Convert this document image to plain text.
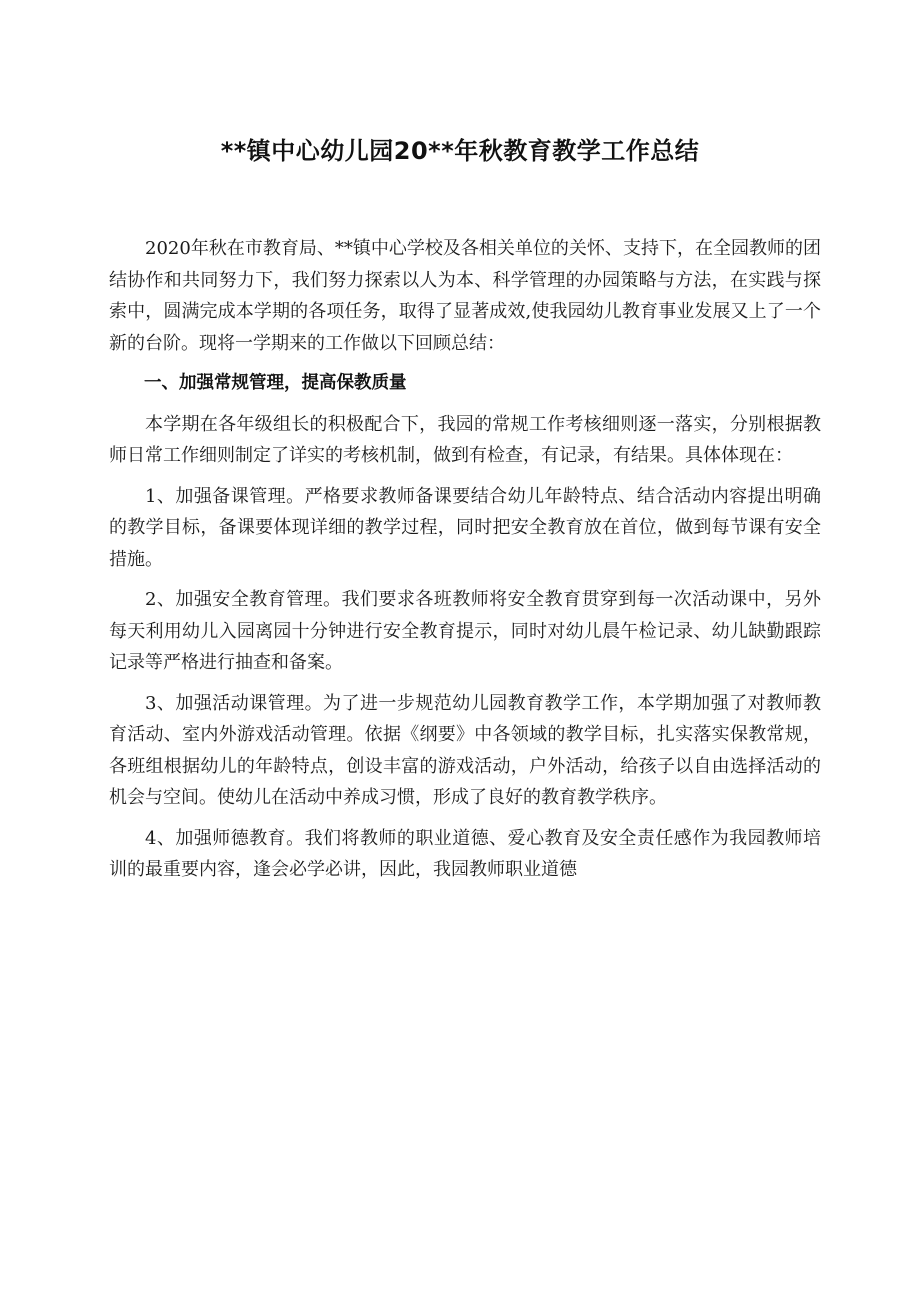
**镇中心幼儿园20**年秋教育教学工作总结

2020年秋在市教育局、**镇中心学校及各相关单位的关怀、支持下，在全园教师的团结协作和共同努力下，我们努力探索以人为本、科学管理的办园策略与方法，在实践与探索中，圆满完成本学期的各项任务，取得了显著成效,使我园幼儿教育事业发展又上了一个新的台阶。现将一学期来的工作做以下回顾总结：

一、加强常规管理，提高保教质量

本学期在各年级组长的积极配合下，我园的常规工作考核细则逐一落实，分别根据教师日常工作细则制定了详实的考核机制，做到有检查，有记录，有结果。具体体现在：

1、加强备课管理。严格要求教师备课要结合幼儿年龄特点、结合活动内容提出明确的教学目标，备课要体现详细的教学过程，同时把安全教育放在首位，做到每节课有安全措施。

2、加强安全教育管理。我们要求各班教师将安全教育贯穿到每一次活动课中，另外每天利用幼儿入园离园十分钟进行安全教育提示，同时对幼儿晨午检记录、幼儿缺勤跟踪记录等严格进行抽查和备案。

3、加强活动课管理。为了进一步规范幼儿园教育教学工作，本学期加强了对教师教育活动、室内外游戏活动管理。依据《纲要》中各领域的教学目标，扎实落实保教常规，各班组根据幼儿的年龄特点，创设丰富的游戏活动，户外活动，给孩子以自由选择活动的机会与空间。使幼儿在活动中养成习惯，形成了良好的教育教学秩序。

4、加强师德教育。我们将教师的职业道德、爱心教育及安全责任感作为我园教师培训的最重要内容，逢会必学必讲，因此，我园教师职业道德
